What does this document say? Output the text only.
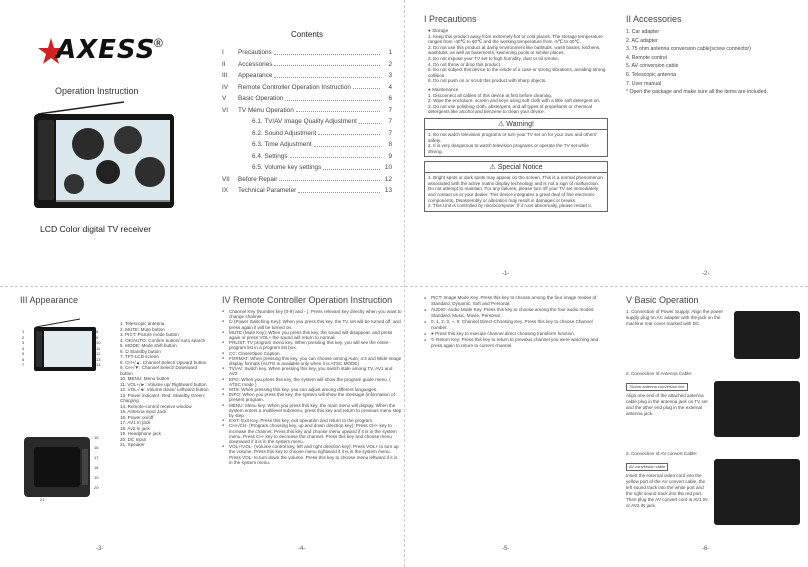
AXESS
®
Operation Instruction
LCD Color digital TV receiver
Contents
I	Precautions	1
II	Accessories	2
III	Appearance	3
IV	Remote Controller Operation Instruction	4
V	Basic Operation	6
VI	TV Menu Operation	7
6.1. TV/AV Image Quality Adjustment	7
6.2. Sound Adjustment	7
6.3. Time Adjustment	8
6.4. Settings	9
6.5. Volume key settings	10
VII	Before Repair	12
IX	Technical Parameter	13
I Precautions
● Storage
1. Keep this product away from extremely hot or cold places. The storage temperature ranges from -40℃ to 60℃ and the working temperature from -5℃ to 40℃.
2. Do not use this product at damp environment like bathtubs, wash basins, kitchens, washtubs, as well as basements, swimming pools or similar places.
3. Do not expose your TV set to high humidity, dust or oil smoke.
4. Do not throw or drop this product.
5. Do not subject this device to the inside of a case or strong vibrations, avoiding strong collision.
6. Do not push on or scrub this product with sharp objects.
● Maintenance
1. Disconnect all cables of this device at first before cleaning.
2. Wipe the enclosure, screen and keys using soft cloth with a little soft detergent on.
3. Do not use polishing cloth, abstergent, and all types of propellants or chemical detergents like alcohol and benzene to clean your device.
⚠ Warning!
1. Do not watch television programs or turn your TV set on for your own and others' safety.
2. It is very dangerous to watch television programs or operate the TV set while driving.
⚠ Special Notice
1. Bright spots or dark spots may appear on the screen. This is a normal phenomenon associated with the active matrix display technology and is not a sign of malfunction. Do not attempt to maintain. For any failures, please turn off your TV set immediately and contact us or your dealer. This device integrates a great deal of fine electronic components. Disassembly or alteration may result in damages or breaks.
2. This Unit is controlled by microcomputer. If it runs abnormally, please restart it.
-1-
II Accessories
1. Car adapter
2. AC adapter
3. 75 ohm antenna conversion cable(screw connector)
4. Remote control
5. AV conversion cable
6. Telescopic antenna
7. User manual
* Open the package and make sure all the items are included.
-2-
III Appearance
1
2
3
4
5
6
7
8
9
10
11
12
13
14
15
16
17
18
19
20
21
1. Telescopic antenna
2. MUTE: Mute button
3. PICT: Picture mode button
4. OK/AUTO: Confirm button/ Auto search
5. MODE: Mode shift button
6. ⏻ Standby button
7. TFT-LCD screen
8. CH+/▲: Channel Select/ Upward button
9. CH-/▼: Channel Select/ Downward button
10. MENU: Menu button
11. VOL+/►: Volume up/ Rightward button
12. VOL-/◄: Volume down/ Leftward button
13. Power indicator: Red: Standby Green: Charging
14. Remote-control receive window
15. Antenna input Jack
16. Power on/off
17. AV1 In jack
18. Av2 In jack
19. Headphone jack
20. DC Input
21. Speaker
-3-
IV Remote Controller Operation Instruction
● Channel Key (Number key (0-9) and - ): Press relevant key directly when you want to change channel.
● ⏻ (Power Switching Key): When you press this key, the TV set will be turned off, and press again it will be turned on.
● MUTE (Mute Key): When you press this key, the sound will disappear, and press again or press VOL+ the sound will return to normal.
● PRLIST: TV program menu key. When pressing this key, you will see the entire program list in a program list box.
● CC: Close/Open Caption.
● FORMAT: When pressing this key, you can choose among Auto, 4:3 and Wide image display formats (AUTO is available only when it is ATSC MODE)
● TV/AV: Switch key. When pressing this key, you switch state among TV, AV1 and AV2.
● EPG: When you press this key, the system will show the program guide menu. ( ATSC mode )
● MTS: When pressing this key, you can adjust among different languages.
● INFO: When you press this key, the system will show the message (information of present program.
● MENU: Menu key: When you press this key, the main menu will display. When the system enters a multilevel submenu, press this key and return to previous menu step by step.
● EXIT: Exit Key. Press this key, exit operation and return to the program.
● CH+/CH- (Program choosing key, up and down direction key): Press CH+ key to increase the channel. Press this key and choose menu upward if it is in the system menu. Press CH- key to decrease the channel. Press this key and choose menu downward if it is in the system menu.
● VOL+/VOL- (Volume control key, left and right direction key): Press VOL+ to turn up the volume. Press this key to choose menu rightward if it is in the system menu. Press VOL- to turn down the volume. Press this key to choose menu leftward if it is in the system menu.
-4-
● PICT: Image Mode Key. Press this key to choose among the four image modes of Standard, Dynamic, Soft and Personal.
● AUDIO: Audio Mode Key. Press this key to choose among the four audio modes: Standard, Music, Movie, Personal.
● 0, 1, 2, 3, ~, 9: Channel Direct-Choosing Key. Press this key to choose Channel number.
● ● Press this key to execute channel direct choosing transform function.
● ↻ Return Key: Press this key to return to previous channel you were watching and press again to return to current channel.
-5-
V Basic Operation
1. Connection of Power Supply: Align the power supply plug on AC adapter with the jack on the machine rear cover marked with DC.
2. Connection of Antenna Cable:
75ohm antenna conversion line
Align one end of the attached antenna cable plug in the antenna jack on TV set and the other end plug in the external antenna jack.
3. Connection of AV convert Cable:
AV conversion cable
Insert the external video cord into the yellow port of the AV convert cable, the left sound track into the white port and the right sound track into the red port. Then plug the AV convert cord in AV1 IN or AV2 IN jack.
-6-
